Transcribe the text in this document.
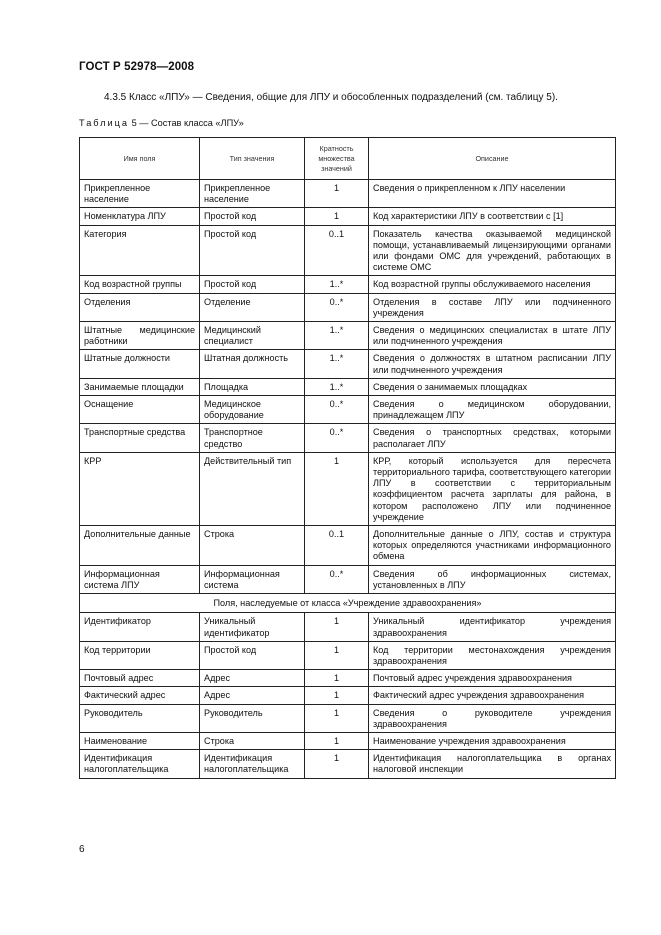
ГОСТ Р 52978—2008
4.3.5 Класс «ЛПУ» — Сведения, общие для ЛПУ и обособленных подразделений (см. таблицу 5).
Таблица 5 — Состав класса «ЛПУ»
Имя поля	Тип значения	Кратность множества значений	Описание
Прикрепленное население	Прикрепленное население	1	Сведения о прикрепленном к ЛПУ населении
Номенклатура ЛПУ	Простой код	1	Код характеристики ЛПУ в соответствии с [1]
Категория	Простой код	0..1	Показатель качества оказываемой медицинской помощи, устанавливаемый лицензирующими органами или фондами ОМС для учреждений, работающих в системе ОМС
Код возрастной группы	Простой код	1..*	Код возрастной группы обслуживаемого населения
Отделения	Отделение	0..*	Отделения в составе ЛПУ или подчиненного учреждения
Штатные медицинские работники	Медицинский специалист	1..*	Сведения о медицинских специалистах в штате ЛПУ или подчиненного учреждения
Штатные должности	Штатная должность	1..*	Сведения о должностях в штатном расписании ЛПУ или подчиненного учреждения
Занимаемые площадки	Площадка	1..*	Сведения о занимаемых площадках
Оснащение	Медицинское оборудование	0..*	Сведения о медицинском оборудовании, принадлежащем ЛПУ
Транспортные средства	Транспортное средство	0..*	Сведения о транспортных средствах, которыми располагает ЛПУ
КРР	Действительный тип	1	КРР, который используется для пересчета территориального тарифа, соответствующего категории ЛПУ в соответствии с территориальным коэффициентом расчета зарплаты для района, в котором расположено ЛПУ или подчиненное учреждение
Дополнительные данные	Строка	0..1	Дополнительные данные о ЛПУ, состав и структура которых определяются участниками информационного обмена
Информационная система ЛПУ	Информационная система	0..*	Сведения об информационных системах, установленных в ЛПУ
Поля, наследуемые от класса «Учреждение здравоохранения»			
Идентификатор	Уникальный идентификатор	1	Уникальный идентификатор учреждения здравоохранения
Код территории	Простой код	1	Код территории местонахождения учреждения здравоохранения
Почтовый адрес	Адрес	1	Почтовый адрес учреждения здравоохранения
Фактический адрес	Адрес	1	Фактический адрес учреждения здравоохранения
Руководитель	Руководитель	1	Сведения о руководителе учреждения здравоохранения
Наименование	Строка	1	Наименование учреждения здравоохранения
Идентификация налогоплательщика	Идентификация налогоплательщика	1	Идентификация налогоплательщика в органах налоговой инспекции
6
